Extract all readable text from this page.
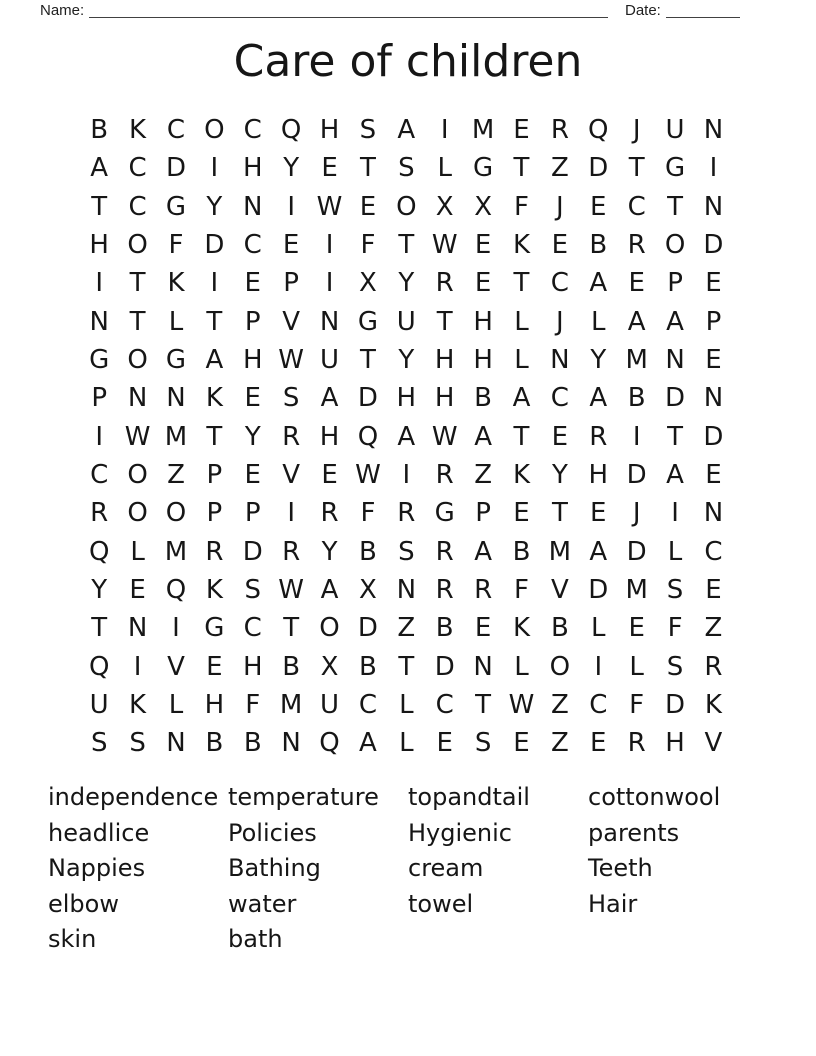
Name:	Date:
Care of children
B K C O C Q H S A I M E R Q J U N
A C D I H Y E T S L G T Z D T G I
T C G Y N I W E O X X F	J	E C T N
H O F D C E	I	F T W E K E B R O D
I	T K	I	E P	I X Y R E T C A E P E
N T L T P V N G U T H L	J	L A A P
G O G A H W U T Y H H L N Y M N E
P N N K E S A D H H B A C A B D N
I W M T Y R H Q A W A T E R I	T D
C O Z P E V E W I R Z K Y H D A E
R O O P P	I R F R G P E T E	J	I N
Q L M R D R Y B S R A B M A D L C
Y E Q K S W A X N R R F V D M S E
T N I G C T O D Z B E K B L E F Z
Q I V E H B X B T D N L O I	L S R
U K L H F M U C L C T W Z C F D K
S S N B B N Q A L E S E Z E R H V
independence
headlice
Nappies
elbow
skin
temperature
Policies
Bathing
water
bath
topandtail
Hygienic
cream
towel
cottonwool
parents
Teeth
Hair
